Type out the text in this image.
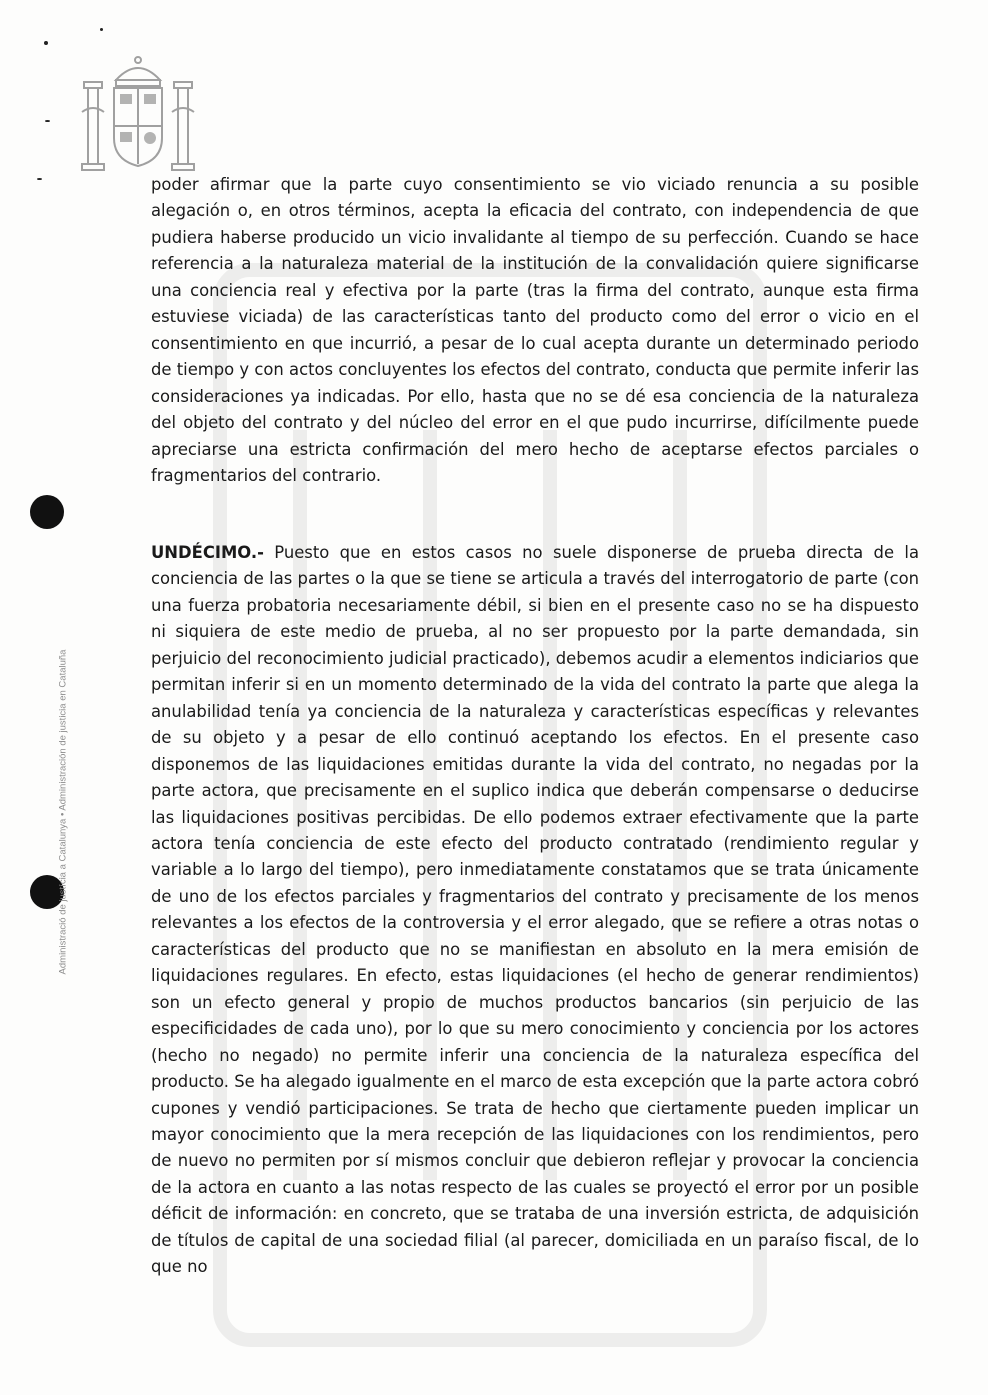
Administració de justícia a Catalunya • Administración de justicia en Cataluña

poder afirmar que la parte cuyo consentimiento se vio viciado renuncia a su posible alegación o, en otros términos, acepta la eficacia del contrato, con independencia de que pudiera haberse producido un vicio invalidante al tiempo de su perfección. Cuando se hace referencia a la naturaleza material de la institución de la convalidación quiere significarse una conciencia real y efectiva por la parte (tras la firma del contrato, aunque esta firma estuviese viciada) de las características tanto del producto como del error o vicio en el consentimiento en que incurrió, a pesar de lo cual acepta durante un determinado periodo de tiempo y con actos concluyentes los efectos del contrato, conducta que permite inferir las consideraciones ya indicadas. Por ello, hasta que no se dé esa conciencia de la naturaleza del objeto del contrato y del núcleo del error en el que pudo incurrirse, difícilmente puede apreciarse una estricta confirmación del mero hecho de aceptarse efectos parciales o fragmentarios del contrario.

UNDÉCIMO.- Puesto que en estos casos no suele disponerse de prueba directa de la conciencia de las partes o la que se tiene se articula a través del interrogatorio de parte (con una fuerza probatoria necesariamente débil, si bien en el presente caso no se ha dispuesto ni siquiera de este medio de prueba, al no ser propuesto por la parte demandada, sin perjuicio del reconocimiento judicial practicado), debemos acudir a elementos indiciarios que permitan inferir si en un momento determinado de la vida del contrato la parte que alega la anulabilidad tenía ya conciencia de la naturaleza y características específicas y relevantes de su objeto y a pesar de ello continuó aceptando los efectos. En el presente caso disponemos de las liquidaciones emitidas durante la vida del contrato, no negadas por la parte actora, que precisamente en el suplico indica que deberán compensarse o deducirse las liquidaciones positivas percibidas. De ello podemos extraer efectivamente que la parte actora tenía conciencia de este efecto del producto contratado (rendimiento regular y variable a lo largo del tiempo), pero inmediatamente constatamos que se trata únicamente de uno de los efectos parciales y fragmentarios del contrato y precisamente de los menos relevantes a los efectos de la controversia y el error alegado, que se refiere a otras notas o características del producto que no se manifiestan en absoluto en la mera emisión de liquidaciones regulares. En efecto, estas liquidaciones (el hecho de generar rendimientos) son un efecto general y propio de muchos productos bancarios (sin perjuicio de las especificidades de cada uno), por lo que su mero conocimiento y conciencia por los actores (hecho no negado) no permite inferir una conciencia de la naturaleza específica del producto. Se ha alegado igualmente en el marco de esta excepción que la parte actora cobró cupones y vendió participaciones. Se trata de hecho que ciertamente pueden implicar un mayor conocimiento que la mera recepción de las liquidaciones con los rendimientos, pero de nuevo no permiten por sí mismos concluir que debieron reflejar y provocar la conciencia de la actora en cuanto a las notas respecto de las cuales se proyectó el error por un posible déficit de información: en concreto, que se trataba de una inversión estricta, de adquisición de títulos de capital de una sociedad filial (al parecer, domiciliada en un paraíso fiscal, de lo que no
